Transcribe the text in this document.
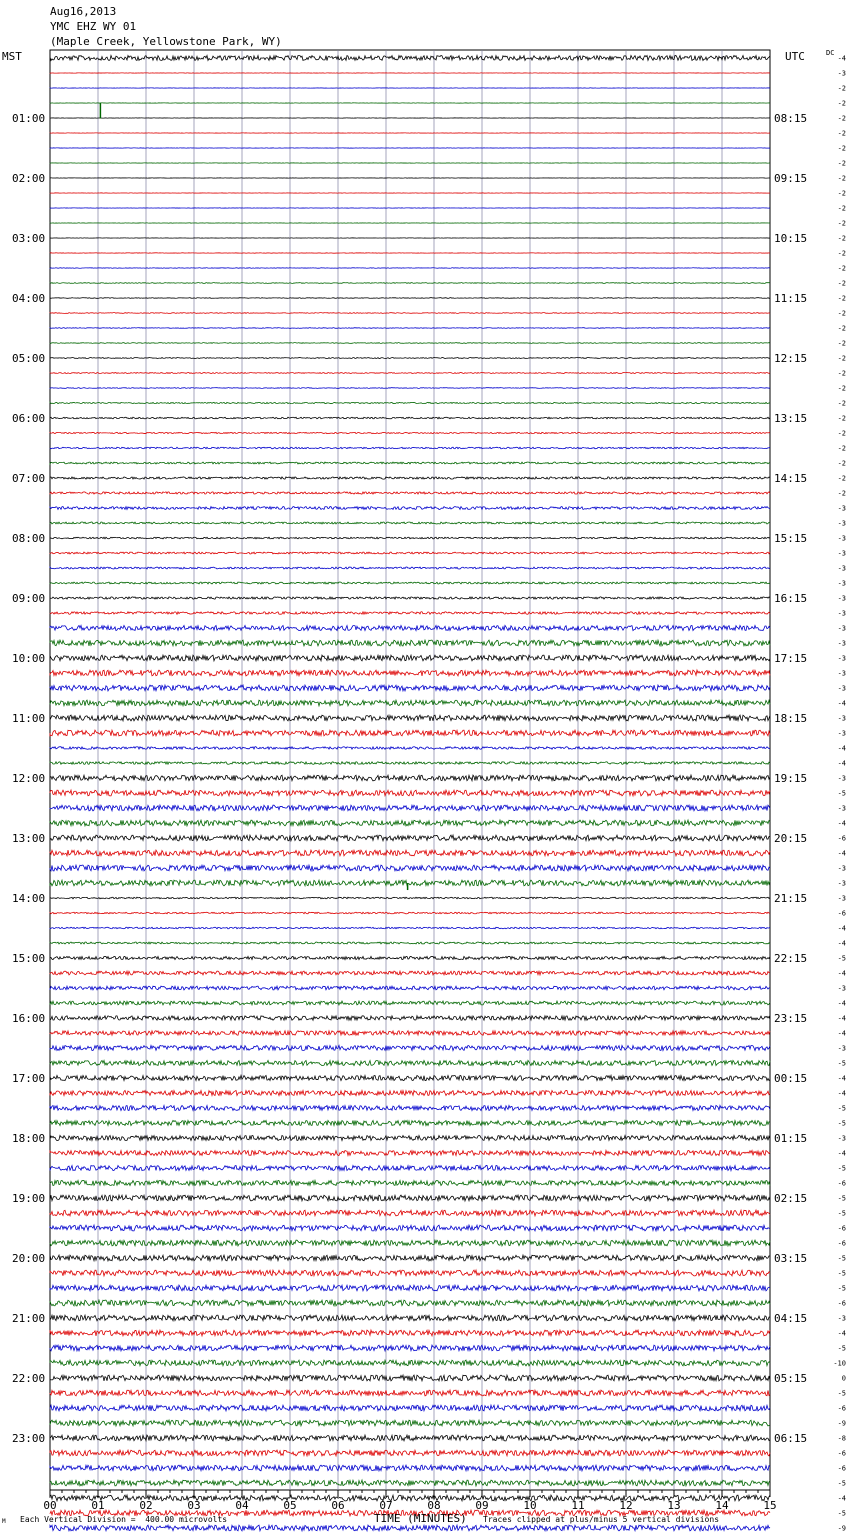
Aug16,2013
YMC EHZ WY 01
(Maple Creek, Yellowstone Park, WY)
MST	UTC	DC
00	01	02	03	04	05	06	07	08	09	10	11	12	13	14	15
-4
-3
-2
-2
-2
-2
-2
-2
-2
-2
-2
-2
-2
-2
-2
-2
-2
-2
-2
-2
-2
-2
-2
-2
-2
-2
-2
-2
-2
-2
-3
-3
-3
-3
-3
-3
-3
-3
-3
-3
-3
-3
-3
-4
-3
-3
-4
-4
-3
-5
-3
-4
-6
-4
-3
-3
-3
-6
-4
-4
-5
-4
-3
-4
-4
-4
-3
-5
-4
-4
-5
-5
-3
-4
-5
-6
-5
-5
-6
-6
-5
-5
-5
-6
-3
-4
-5
-10
0
-5
-6
-9
-8
-6
-6
-5
-4
-5
-9
01:00	08:15
02:00	09:15
03:00	10:15
04:00	11:15
05:00	12:15
06:00	13:15
07:00	14:15
08:00	15:15
09:00	16:15
10:00	17:15
11:00	18:15
12:00	19:15
13:00	20:15
14:00	21:15
15:00	22:15
16:00	23:15
17:00	00:15
18:00	01:15
19:00	02:15
20:00	03:15
21:00	04:15
22:00	05:15
23:00	06:15
M Each Vertical Division =  400.00 microvolts	TIME (MINUTES) Traces clipped at plus/minus 5 vertical divisions
